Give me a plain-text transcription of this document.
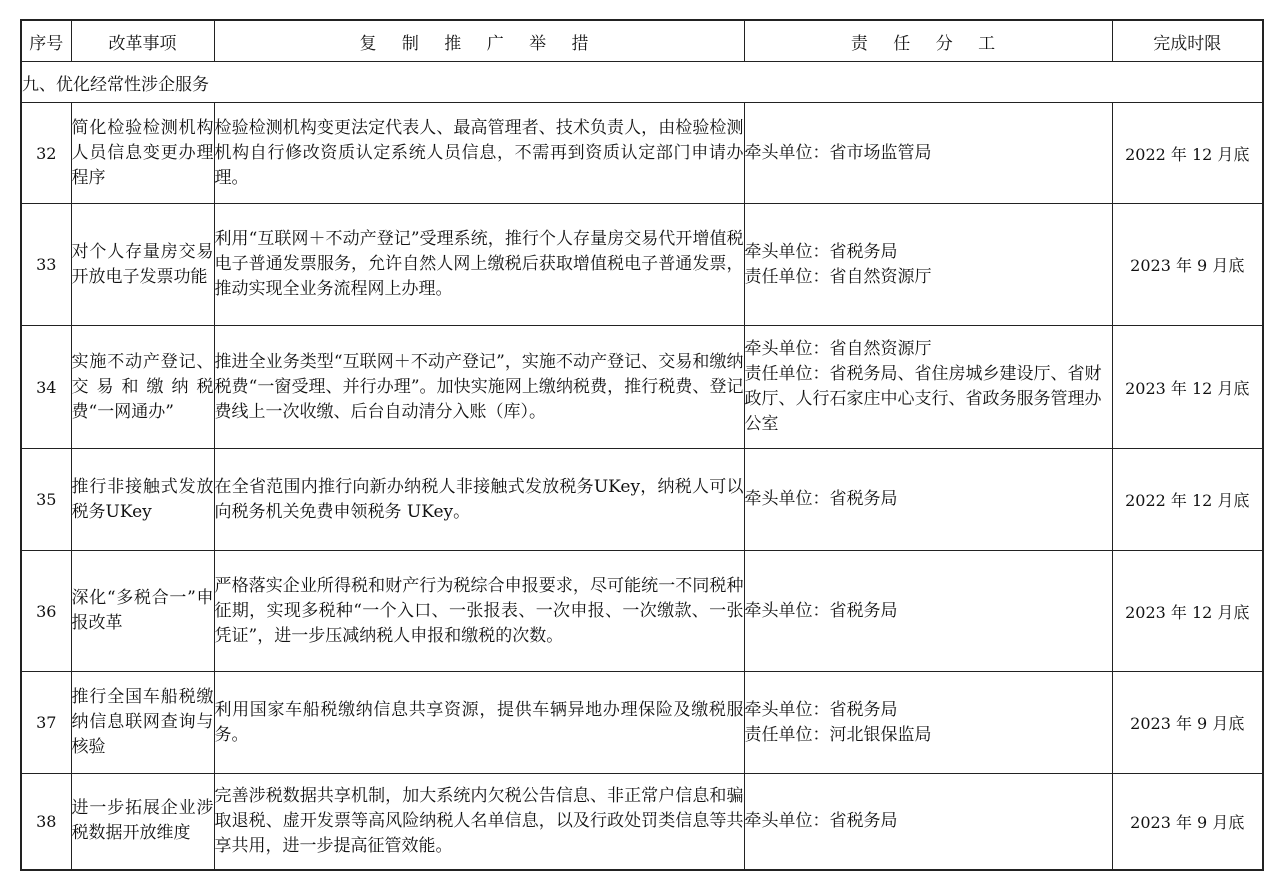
序号	改革事项	复 制 推 广 举 措	责 任 分 工	完成时限
九、优化经常性涉企服务				
32	简化检验检测机构人员信息变更办理程序	检验检测机构变更法定代表人、最高管理者、技术负责人，由检验检测机构自行修改资质认定系统人员信息，不需再到资质认定部门申请办理。	牵头单位：省市场监管局	2022 年 12 月底
33	对个人存量房交易开放电子发票功能	利用“互联网＋不动产登记”受理系统，推行个人存量房交易代开增值税电子普通发票服务，允许自然人网上缴税后获取增值税电子普通发票，推动实现全业务流程网上办理。	牵头单位：省税务局
责任单位：省自然资源厅	2023 年 9 月底
34	实施不动产登记、交易和缴纳税费“一网通办”	推进全业务类型“互联网＋不动产登记”，实施不动产登记、交易和缴纳税费“一窗受理、并行办理”。加快实施网上缴纳税费，推行税费、登记费线上一次收缴、后台自动清分入账（库）。	牵头单位：省自然资源厅
责任单位：省税务局、省住房城乡建设厅、省财政厅、人行石家庄中心支行、省政务服务管理办公室	2023 年 12 月底
35	推行非接触式发放税务UKey	在全省范围内推行向新办纳税人非接触式发放税务UKey，纳税人可以向税务机关免费申领税务 UKey。	牵头单位：省税务局	2022 年 12 月底
36	深化“多税合一”申报改革	严格落实企业所得税和财产行为税综合申报要求，尽可能统一不同税种征期，实现多税种“一个入口、一张报表、一次申报、一次缴款、一张凭证”，进一步压减纳税人申报和缴税的次数。	牵头单位：省税务局	2023 年 12 月底
37	推行全国车船税缴纳信息联网查询与核验	利用国家车船税缴纳信息共享资源，提供车辆异地办理保险及缴税服务。	牵头单位：省税务局
责任单位：河北银保监局	2023 年 9 月底
38	进一步拓展企业涉税数据开放维度	完善涉税数据共享机制，加大系统内欠税公告信息、非正常户信息和骗取退税、虚开发票等高风险纳税人名单信息，以及行政处罚类信息等共享共用，进一步提高征管效能。	牵头单位：省税务局	2023 年 9 月底
